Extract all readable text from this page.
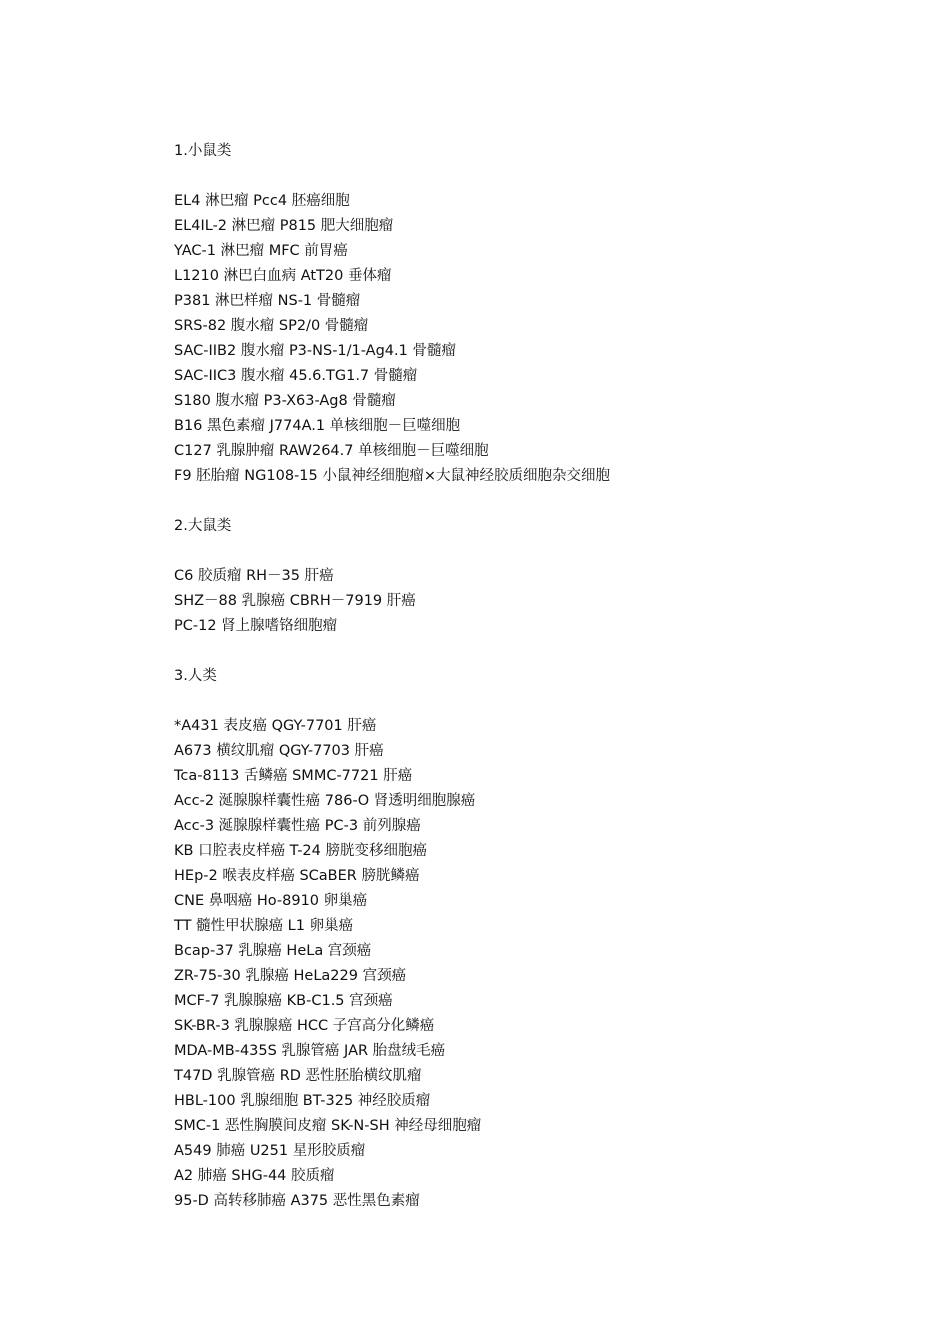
1.小鼠类

EL4 淋巴瘤 Pcc4 胚癌细胞

EL4IL-2 淋巴瘤 P815 肥大细胞瘤

YAC-1 淋巴瘤 MFC 前胃癌

L1210 淋巴白血病 AtT20 垂体瘤

P381 淋巴样瘤 NS-1 骨髓瘤

SRS-82 腹水瘤 SP2/0 骨髓瘤

SAC-IIB2 腹水瘤 P3-NS-1/1-Ag4.1 骨髓瘤

SAC-IIC3 腹水瘤 45.6.TG1.7 骨髓瘤

S180 腹水瘤 P3-X63-Ag8 骨髓瘤

B16 黑色素瘤 J774A.1 单核细胞－巨噬细胞

C127 乳腺肿瘤 RAW264.7 单核细胞－巨噬细胞

F9 胚胎瘤 NG108-15 小鼠神经细胞瘤×大鼠神经胶质细胞杂交细胞

2.大鼠类

C6 胶质瘤 RH－35 肝癌

SHZ－88 乳腺癌 CBRH－7919 肝癌

PC-12 肾上腺嗜铬细胞瘤

3.人类

*A431 表皮癌 QGY-7701 肝癌

A673 横纹肌瘤 QGY-7703 肝癌

Tca-8113 舌鳞癌 SMMC-7721 肝癌

Acc-2 涎腺腺样囊性癌 786-O 肾透明细胞腺癌

Acc-3 涎腺腺样囊性癌 PC-3 前列腺癌

KB 口腔表皮样癌 T-24 膀胱变移细胞癌

HEp-2 喉表皮样癌 SCaBER 膀胱鳞癌

CNE 鼻咽癌 Ho-8910 卵巢癌

TT 髓性甲状腺癌 L1 卵巢癌

Bcap-37 乳腺癌 HeLa 宫颈癌

ZR-75-30 乳腺癌 HeLa229 宫颈癌

MCF-7 乳腺腺癌 KB-C1.5 宫颈癌

SK-BR-3 乳腺腺癌 HCC 子宫高分化鳞癌

MDA-MB-435S 乳腺管癌 JAR 胎盘绒毛癌

T47D 乳腺管癌 RD 恶性胚胎横纹肌瘤

HBL-100 乳腺细胞 BT-325 神经胶质瘤

SMC-1 恶性胸膜间皮瘤 SK-N-SH 神经母细胞瘤

A549 肺癌 U251 星形胶质瘤

A2 肺癌 SHG-44 胶质瘤

95-D 高转移肺癌 A375 恶性黑色素瘤
